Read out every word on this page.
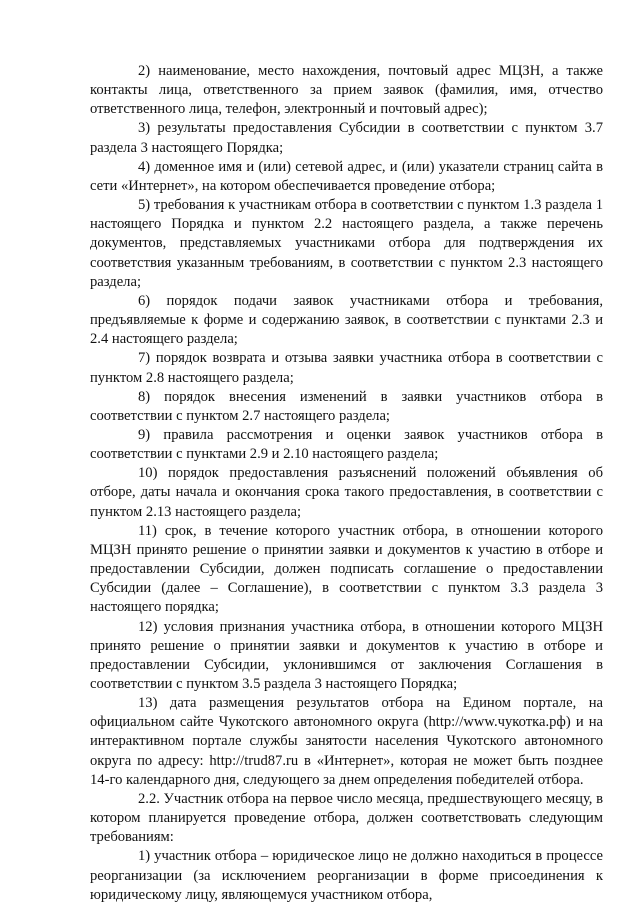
2) наименование, место нахождения, почтовый адрес МЦЗН, а также контакты лица, ответственного за прием заявок (фамилия, имя, отчество ответственного лица, телефон, электронный и почтовый адрес);

3) результаты предоставления Субсидии в соответствии с пунктом 3.7 раздела 3 настоящего Порядка;

4) доменное имя и (или) сетевой адрес, и (или) указатели страниц сайта в сети «Интернет», на котором обеспечивается проведение отбора;

5) требования к участникам отбора в соответствии с пунктом 1.3 раздела 1 настоящего Порядка и пунктом 2.2 настоящего раздела, а также перечень документов, представляемых участниками отбора для подтверждения их соответствия указанным требованиям, в соответствии с пунктом 2.3 настоящего раздела;

6) порядок подачи заявок участниками отбора и требования, предъявляемые к форме и содержанию заявок, в соответствии с пунктами 2.3 и 2.4 настоящего раздела;

7) порядок возврата и отзыва заявки участника отбора в соответствии с пунктом 2.8 настоящего раздела;

8) порядок внесения изменений в заявки участников отбора в соответствии с пунктом 2.7 настоящего раздела;

9) правила рассмотрения и оценки заявок участников отбора в соответствии с пунктами 2.9 и 2.10 настоящего раздела;

10) порядок предоставления разъяснений положений объявления об отборе, даты начала и окончания срока такого предоставления, в соответствии с пунктом 2.13 настоящего раздела;

11) срок, в течение которого участник отбора, в отношении которого МЦЗН принято решение о принятии заявки и документов к участию в отборе и предоставлении Субсидии, должен подписать соглашение о предоставлении Субсидии (далее – Соглашение), в соответствии с пунктом 3.3 раздела 3 настоящего порядка;

12) условия признания участника отбора, в отношении которого МЦЗН принято решение о принятии заявки и документов к участию в отборе и предоставлении Субсидии, уклонившимся от заключения Соглашения в соответствии с пунктом 3.5 раздела 3 настоящего Порядка;

13) дата размещения результатов отбора на Едином портале, на официальном сайте Чукотского автономного округа (http://www.чукотка.рф) и на интерактивном портале службы занятости населения Чукотского автономного округа по адресу: http://trud87.ru в «Интернет», которая не может быть позднее 14-го календарного дня, следующего за днем определения победителей отбора.

2.2. Участник отбора на первое число месяца, предшествующего месяцу, в котором планируется проведение отбора, должен соответствовать следующим требованиям:

1) участник отбора – юридическое лицо не должно находиться в процессе реорганизации (за исключением реорганизации в форме присоединения к юридическому лицу, являющемуся участником отбора,
